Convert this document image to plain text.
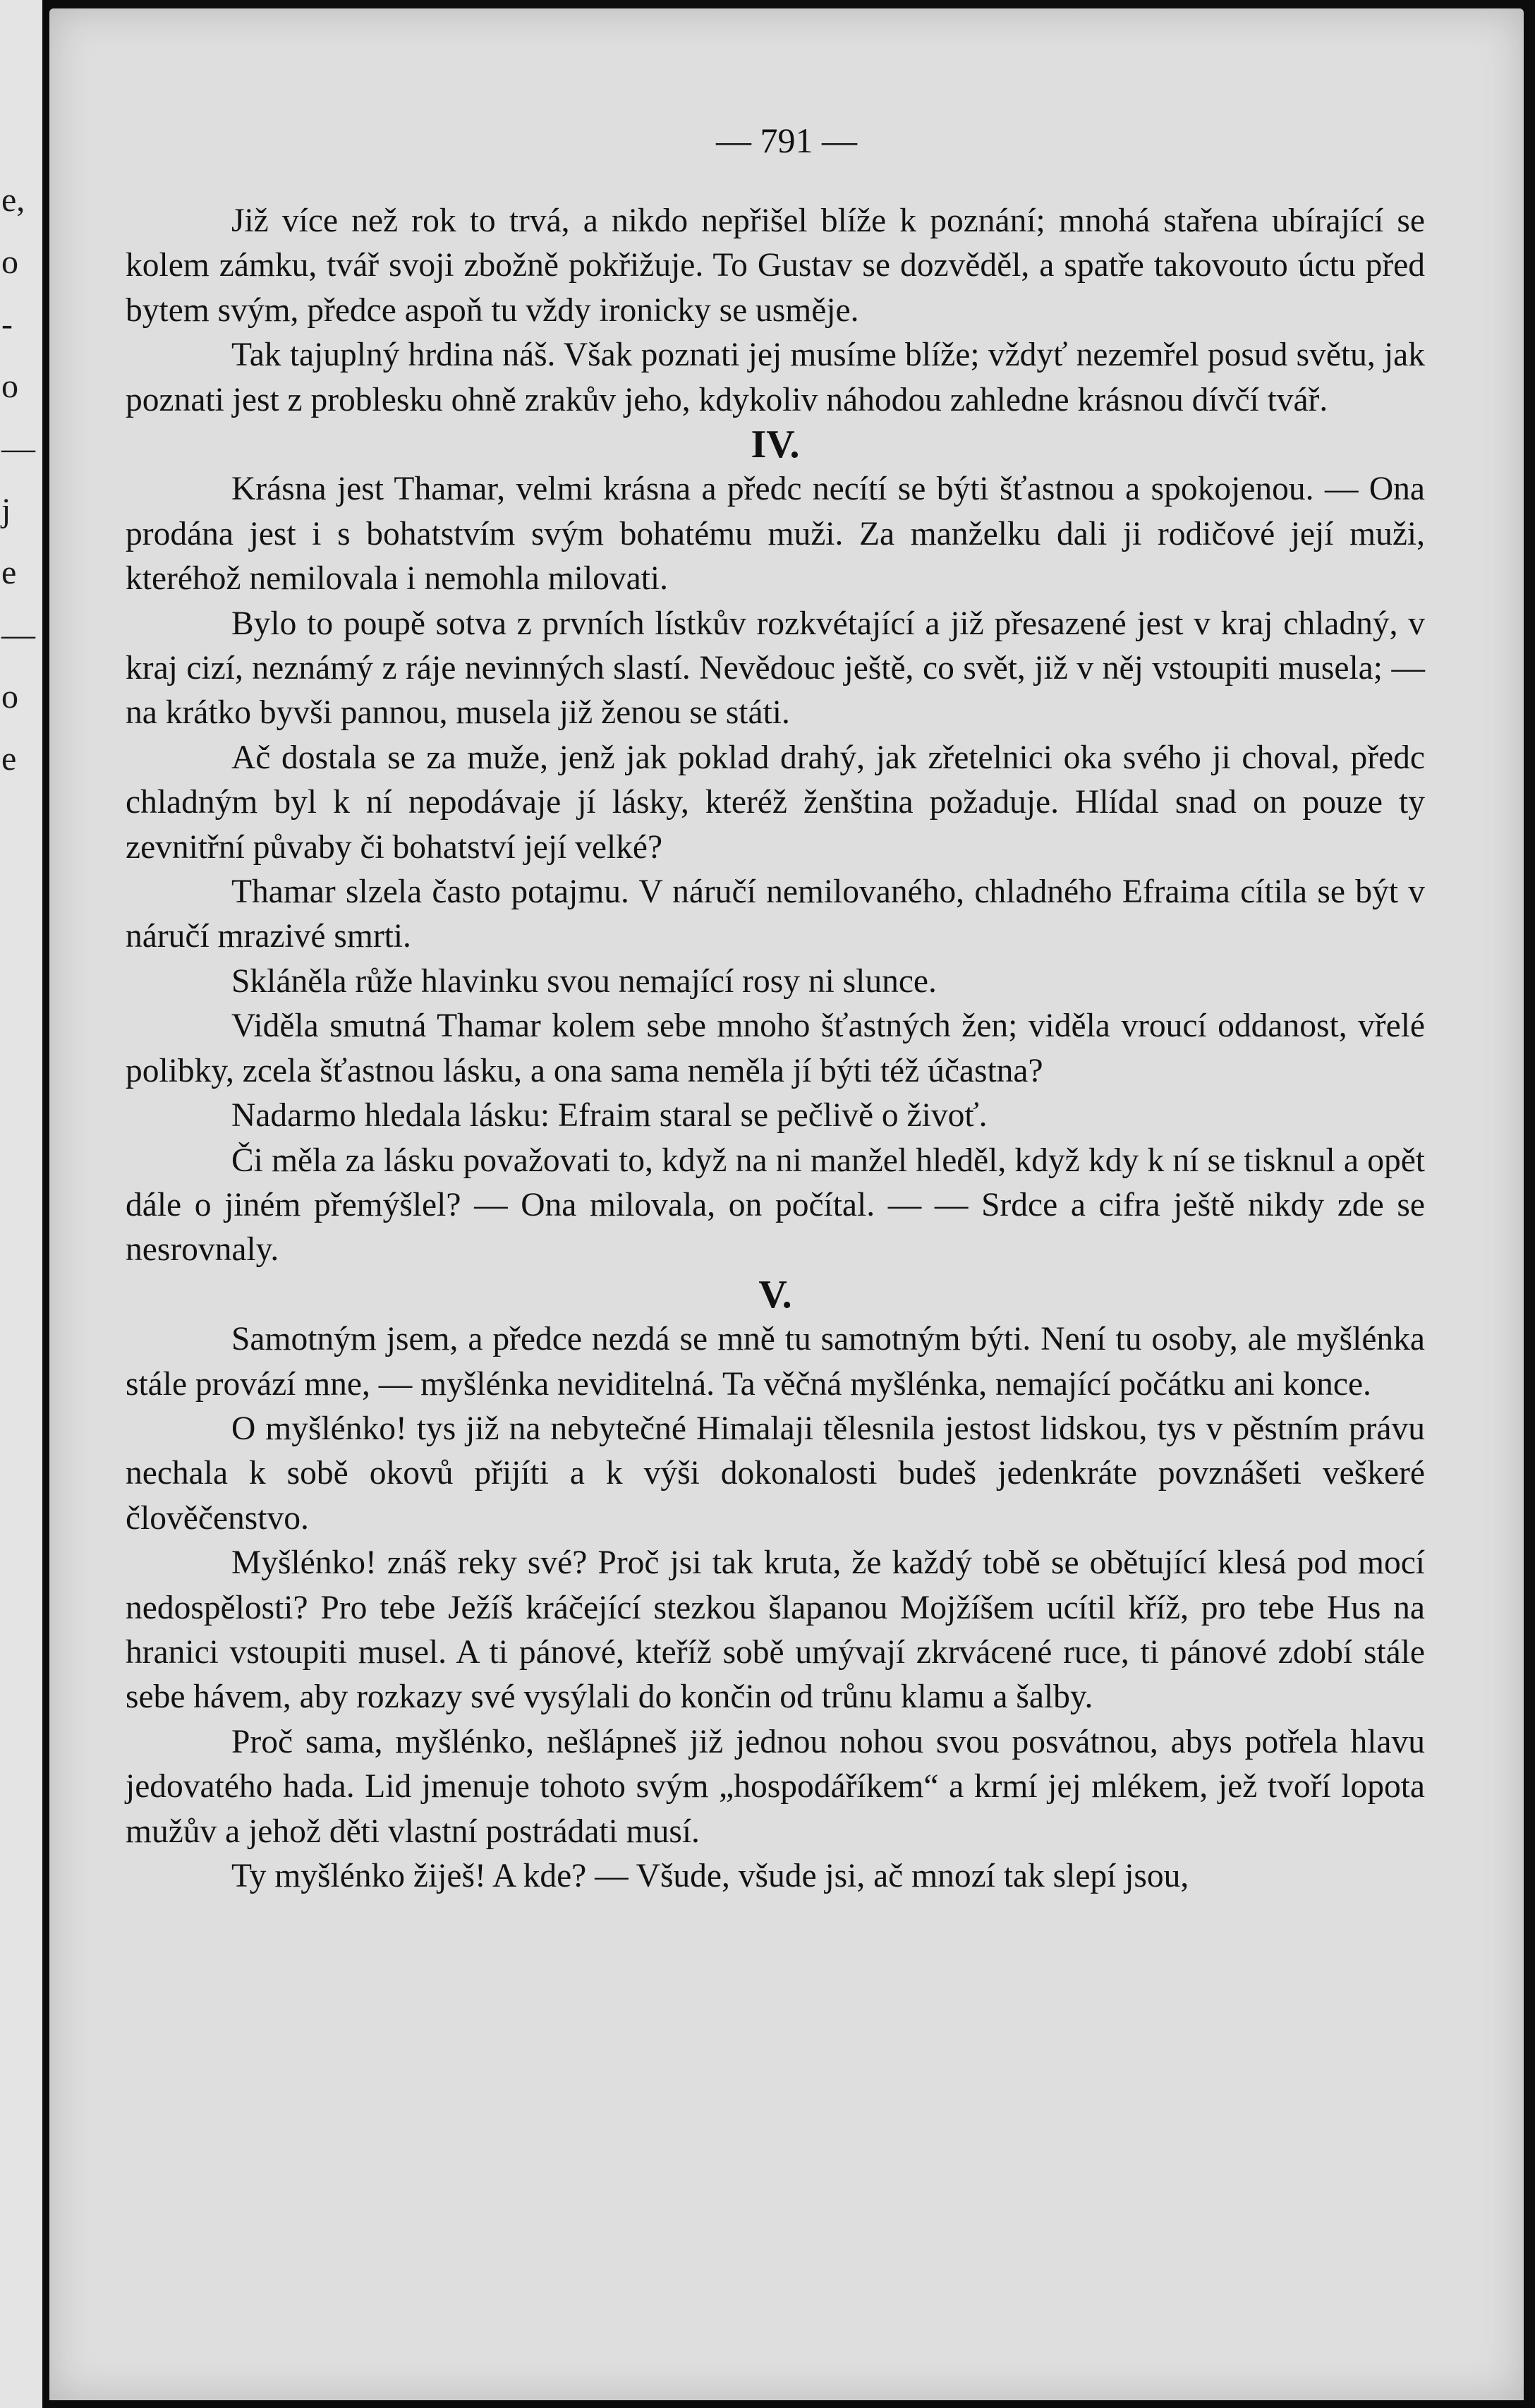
e,
o
-
o
—
j
e
—
o
e
— 791 —

Již více než rok to trvá, a nikdo nepřišel blíže k poznání; mnohá stařena ubírající se kolem zámku, tvář svoji zbožně pokřižuje. To Gustav se dozvěděl, a spatře takovouto úctu před bytem svým, předce aspoň tu vždy ironicky se usměje.

Tak tajuplný hrdina náš. Však poznati jej musíme blíže; vždyť nezemřel posud světu, jak poznati jest z problesku ohně zrakův jeho, kdykoliv náhodou zahledne krásnou dívčí tvář.

IV.

Krásna jest Thamar, velmi krásna a předc necítí se býti šťastnou a spokojenou. — Ona prodána jest i s bohatstvím svým bohatému muži. Za manželku dali ji rodičové její muži, kteréhož nemilovala i nemohla milovati.

Bylo to poupě sotva z prvních lístkův rozkvétající a již přesazené jest v kraj chladný, v kraj cizí, neznámý z ráje nevinných slastí. Nevědouc ještě, co svět, již v něj vstoupiti musela; — na krátko byvši pannou, musela již ženou se státi.

Ač dostala se za muže, jenž jak poklad drahý, jak zřetelnici oka svého ji choval, předc chladným byl k ní nepodávaje jí lásky, kteréž ženština požaduje. Hlídal snad on pouze ty zevnitřní půvaby či bohatství její velké?

Thamar slzela často potajmu. V náručí nemilovaného, chladného Efraima cítila se být v náručí mrazivé smrti.

Skláněla růže hlavinku svou nemající rosy ni slunce.

Viděla smutná Thamar kolem sebe mnoho šťastných žen; viděla vroucí oddanost, vřelé polibky, zcela šťastnou lásku, a ona sama neměla jí býti též účastna?

Nadarmo hledala lásku: Efraim staral se pečlivě o živoť.

Či měla za lásku považovati to, když na ni manžel hleděl, když kdy k ní se tisknul a opět dále o jiném přemýšlel? — Ona milovala, on počítal. — — Srdce a cifra ještě nikdy zde se nesrovnaly.

V.

Samotným jsem, a předce nezdá se mně tu samotným býti. Není tu osoby, ale myšlénka stále provází mne, — myšlénka neviditelná. Ta věčná myšlénka, nemající počátku ani konce.

O myšlénko! tys již na nebytečné Himalaji tělesnila jestost lidskou, tys v pěstním právu nechala k sobě okovů přijíti a k výši dokonalosti budeš jedenkráte povznášeti veškeré člověčenstvo.

Myšlénko! znáš reky své? Proč jsi tak kruta, že každý tobě se obětující klesá pod mocí nedospělosti? Pro tebe Ježíš kráčející stezkou šlapanou Mojžíšem ucítil kříž, pro tebe Hus na hranici vstoupiti musel. A ti pánové, kteříž sobě umývají zkrvácené ruce, ti pánové zdobí stále sebe hávem, aby rozkazy své vysýlali do končin od trůnu klamu a šalby.

Proč sama, myšlénko, nešlápneš již jednou nohou svou posvátnou, abys potřela hlavu jedovatého hada. Lid jmenuje tohoto svým „hospodáříkem“ a krmí jej mlékem, jež tvoří lopota mužův a jehož děti vlastní postrádati musí.

Ty myšlénko žiješ! A kde? — Všude, všude jsi, ač mnozí tak slepí jsou,
